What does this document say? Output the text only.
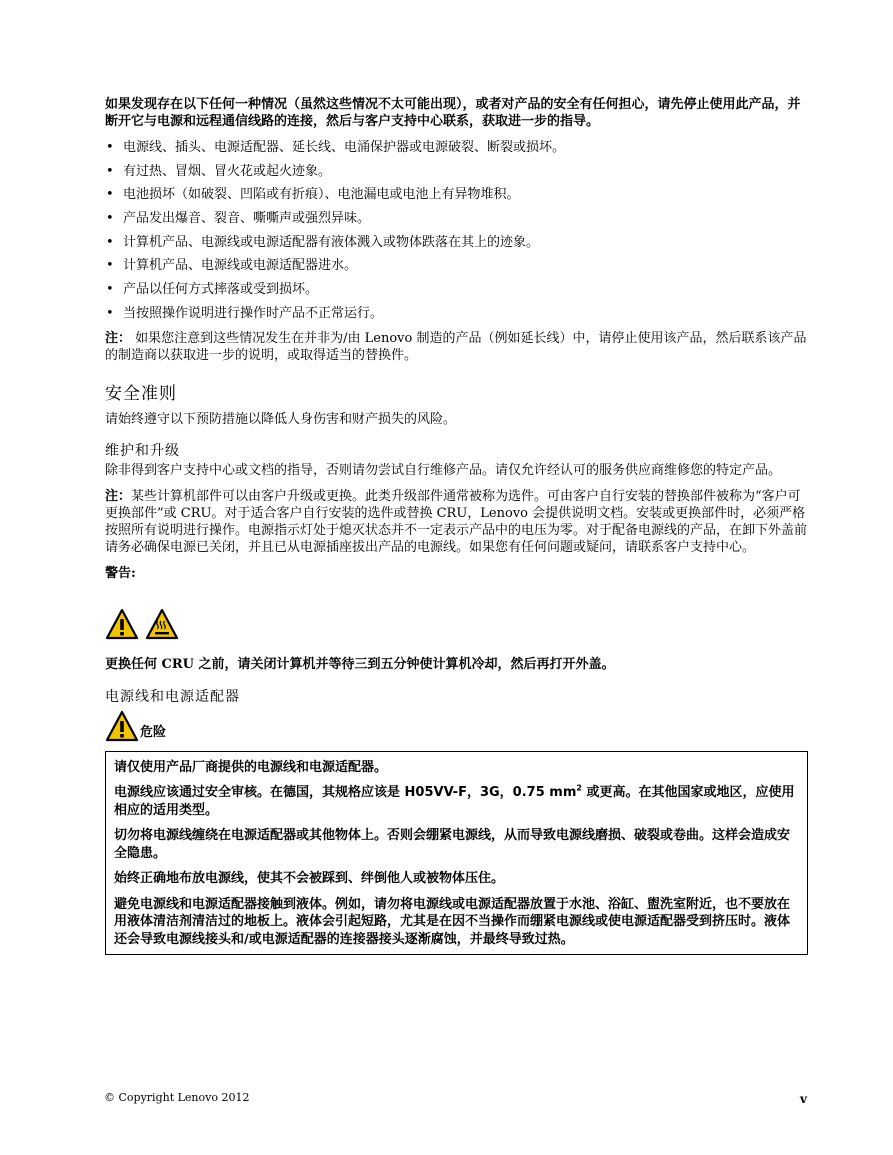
如果发现存在以下任何一种情况（虽然这些情况不太可能出现），或者对产品的安全有任何担心，请先停止使用此产品，并断开它与电源和远程通信线路的连接，然后与客户支持中心联系，获取进一步的指导。

• 电源线、插头、电源适配器、延长线、电涌保护器或电源破裂、断裂或损坏。
• 有过热、冒烟、冒火花或起火迹象。
• 电池损坏（如破裂、凹陷或有折痕）、电池漏电或电池上有异物堆积。
• 产品发出爆音、裂音、嘶嘶声或强烈异味。
• 计算机产品、电源线或电源适配器有液体溅入或物体跌落在其上的迹象。
• 计算机产品、电源线或电源适配器进水。
• 产品以任何方式摔落或受到损坏。
• 当按照操作说明进行操作时产品不正常运行。

注： 如果您注意到这些情况发生在并非为/由 Lenovo 制造的产品（例如延长线）中，请停止使用该产品，然后联系该产品的制造商以获取进一步的说明，或取得适当的替换件。

安全准则

请始终遵守以下预防措施以降低人身伤害和财产损失的风险。

维护和升级

除非得到客户支持中心或文档的指导，否则请勿尝试自行维修产品。请仅允许经认可的服务供应商维修您的特定产品。

注：某些计算机部件可以由客户升级或更换。此类升级部件通常被称为选件。可由客户自行安装的替换部件被称为“客户可更换部件”或 CRU。对于适合客户自行安装的选件或替换 CRU，Lenovo 会提供说明文档。安装或更换部件时，必须严格按照所有说明进行操作。电源指示灯处于熄灭状态并不一定表示产品中的电压为零。对于配备电源线的产品，在卸下外盖前请务必确保电源已关闭，并且已从电源插座拔出产品的电源线。如果您有任何问题或疑问，请联系客户支持中心。

警告:

更换任何 CRU 之前，请关闭计算机并等待三到五分钟使计算机冷却，然后再打开外盖。

电源线和电源适配器
危险

请仅使用产品厂商提供的电源线和电源适配器。

电源线应该通过安全审核。在德国，其规格应该是 H05VV-F，3G，0.75 $mm^2$ 或更高。在其他国家或地区，应使用相应的适用类型。

切勿将电源线缠绕在电源适配器或其他物体上。否则会绷紧电源线，从而导致电源线磨损、破裂或卷曲。这样会造成安全隐患。

始终正确地布放电源线，使其不会被踩到、绊倒他人或被物体压住。

避免电源线和电源适配器接触到液体。例如，请勿将电源线或电源适配器放置于水池、浴缸、盥洗室附近，也不要放在用液体清洁剂清洁过的地板上。液体会引起短路，尤其是在因不当操作而绷紧电源线或使电源适配器受到挤压时。液体还会导致电源线接头和/或电源适配器的连接器接头逐渐腐蚀，并最终导致过热。

© Copyright Lenovo 2012	v
